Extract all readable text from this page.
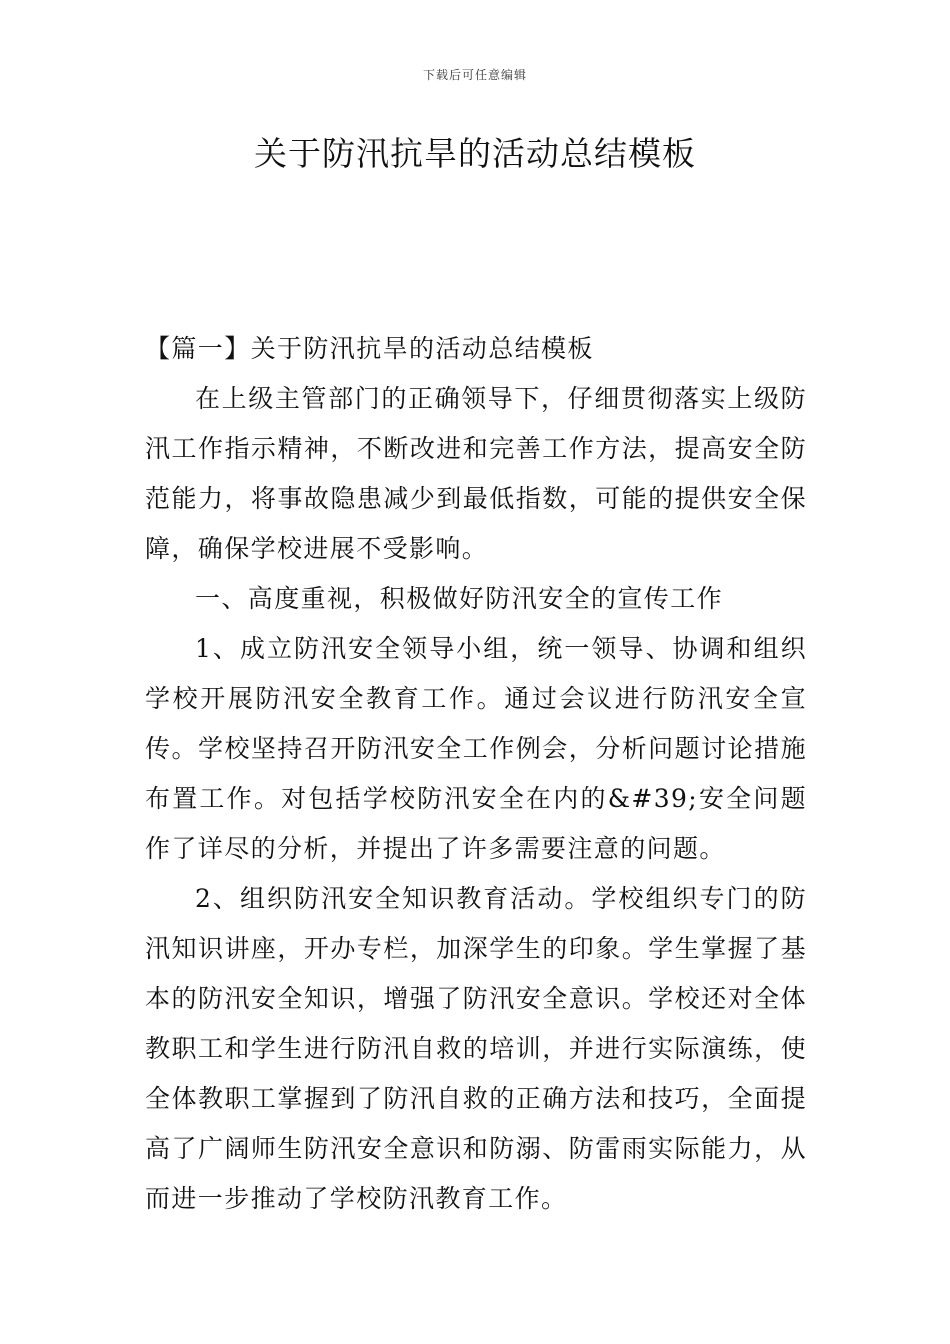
下载后可任意编辑
关于防汛抗旱的活动总结模板

【篇一】关于防汛抗旱的活动总结模板

在上级主管部门的正确领导下，仔细贯彻落实上级防汛工作指示精神，不断改进和完善工作方法，提高安全防范能力，将事故隐患减少到最低指数，可能的提供安全保障，确保学校进展不受影响。

一、高度重视，积极做好防汛安全的宣传工作

1、成立防汛安全领导小组，统一领导、协调和组织学校开展防汛安全教育工作。通过会议进行防汛安全宣传。学校坚持召开防汛安全工作例会，分析问题讨论措施布置工作。对包括学校防汛安全在内的&#39;安全问题作了详尽的分析，并提出了许多需要注意的问题。

2、组织防汛安全知识教育活动。学校组织专门的防汛知识讲座，开办专栏，加深学生的印象。学生掌握了基本的防汛安全知识，增强了防汛安全意识。学校还对全体教职工和学生进行防汛自救的培训，并进行实际演练，使全体教职工掌握到了防汛自救的正确方法和技巧，全面提高了广阔师生防汛安全意识和防溺、防雷雨实际能力，从而进一步推动了学校防汛教育工作。
